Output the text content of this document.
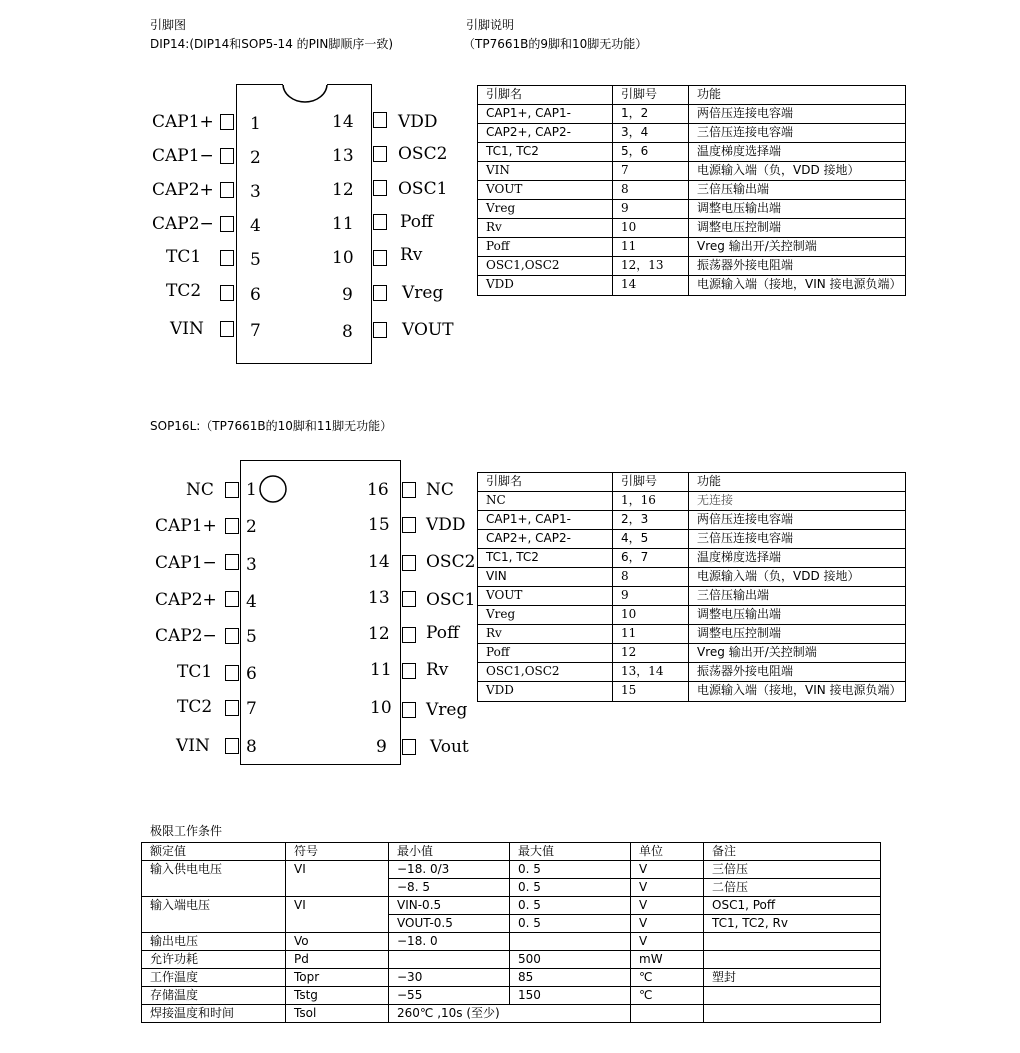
引脚图	引脚说明
DIP14:(DIP14和SOP5-14 的PIN脚顺序一致)	（TP7661B的9脚和10脚无功能）
CAP1+ 1
CAP1− 2
CAP2+ 3
CAP2− 4
TC1	5
TC2	6
VIN	7
14	VDD
13	OSC2
12	OSC1
11	Poff
10	Rv
9	Vreg
8	VOUT
引脚名	引脚号	功能
CAP1+, CAP1-	1，2	两倍压连接电容端
CAP2+, CAP2-	3，4	三倍压连接电容端
TC1, TC2	5，6	温度梯度选择端
VIN	7	电源输入端（负，VDD 接地）
VOUT	8	三倍压输出端
Vreg	9	调整电压输出端
Rv	10	调整电压控制端
Poff	11	Vreg 输出开/关控制端
OSC1,OSC2	12，13	振荡器外接电阻端
VDD	14	电源输入端（接地，VIN 接电源负端）
SOP16L:（TP7661B的10脚和11脚无功能）
NC 1
CAP1+ 2
CAP1− 3
CAP2+ 4
CAP2− 5
TC1 6
TC2 7
VIN 8
16 NC
15 VDD
14 OSC2
13 OSC1
12 Poff
11 Rv
10 Vreg
9	Vout
引脚名	引脚号	功能
NC	1，16	无连接
CAP1+, CAP1-	2，3	两倍压连接电容端
CAP2+, CAP2-	4，5	三倍压连接电容端
TC1, TC2	6，7	温度梯度选择端
VIN	8	电源输入端（负，VDD 接地）
VOUT	9	三倍压输出端
Vreg	10	调整电压输出端
Rv	11	调整电压控制端
Poff	12	Vreg 输出开/关控制端
OSC1,OSC2	13，14	振荡器外接电阻端
VDD	15	电源输入端（接地，VIN 接电源负端）
极限工作条件
额定值	符号	最小值	最大值	单位	备注
输入供电电压	VI	−18. 0/3	0. 5	V	三倍压
		−8. 5	0. 5	V	二倍压
输入端电压	VI	VIN-0.5	0. 5	V	OSC1, Poff
		VOUT-0.5	0. 5	V	TC1, TC2, Rv
输出电压	Vo	−18. 0		V	
允许功耗	Pd		500	mW	
工作温度	Topr	−30	85	℃	塑封
存储温度	Tstg	−55	150	℃	
焊接温度和时间	Tsol	260℃ ,10s (至少)			
